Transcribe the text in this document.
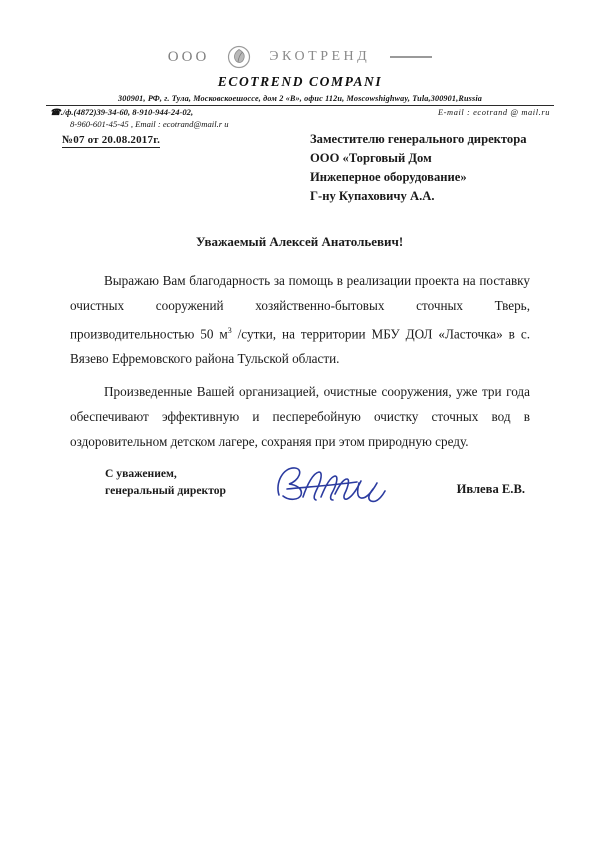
ООО	ЭКОТРЕНД
ECOTREND COMPANI
300901, РФ, г. Тула, Московскоешоссе, дом 2 «В», офис 112и, Moscowshighway, Tula,300901,Russia
☎./ф.(4872)39-34-60, 8-910-944-24-02,	E-mail : ecotrand @ mail.ru
8-960-601-45-45 , Email : ecotrand@mail.r u
№07 от 20.08.2017г.	Заместителю генерального директора
ООО «Торговый Дом
Инжеперное оборудование»
Г-ну Купаховичу А.А.
Уважаемый Алексей Анатольевич!

Выражаю Вам благодарность за помощь в реализации проекта на поставку очистных сооружений хозяйственно-бытовых сточных Тверь, производительностью 50 $м^3$ /сутки, на территории МБУ ДОЛ «Ласточка» в с. Вязево Ефремовского района Тульской области.

Произведенные Вашей организацией, очистные сооружения, уже три года обеспечивают эффективную и песперебойную очистку сточных вод в оздоровительном детском лагере, сохраняя при этом природную среду.

С уважением,
генеральный директор	Ивлева Е.В.
